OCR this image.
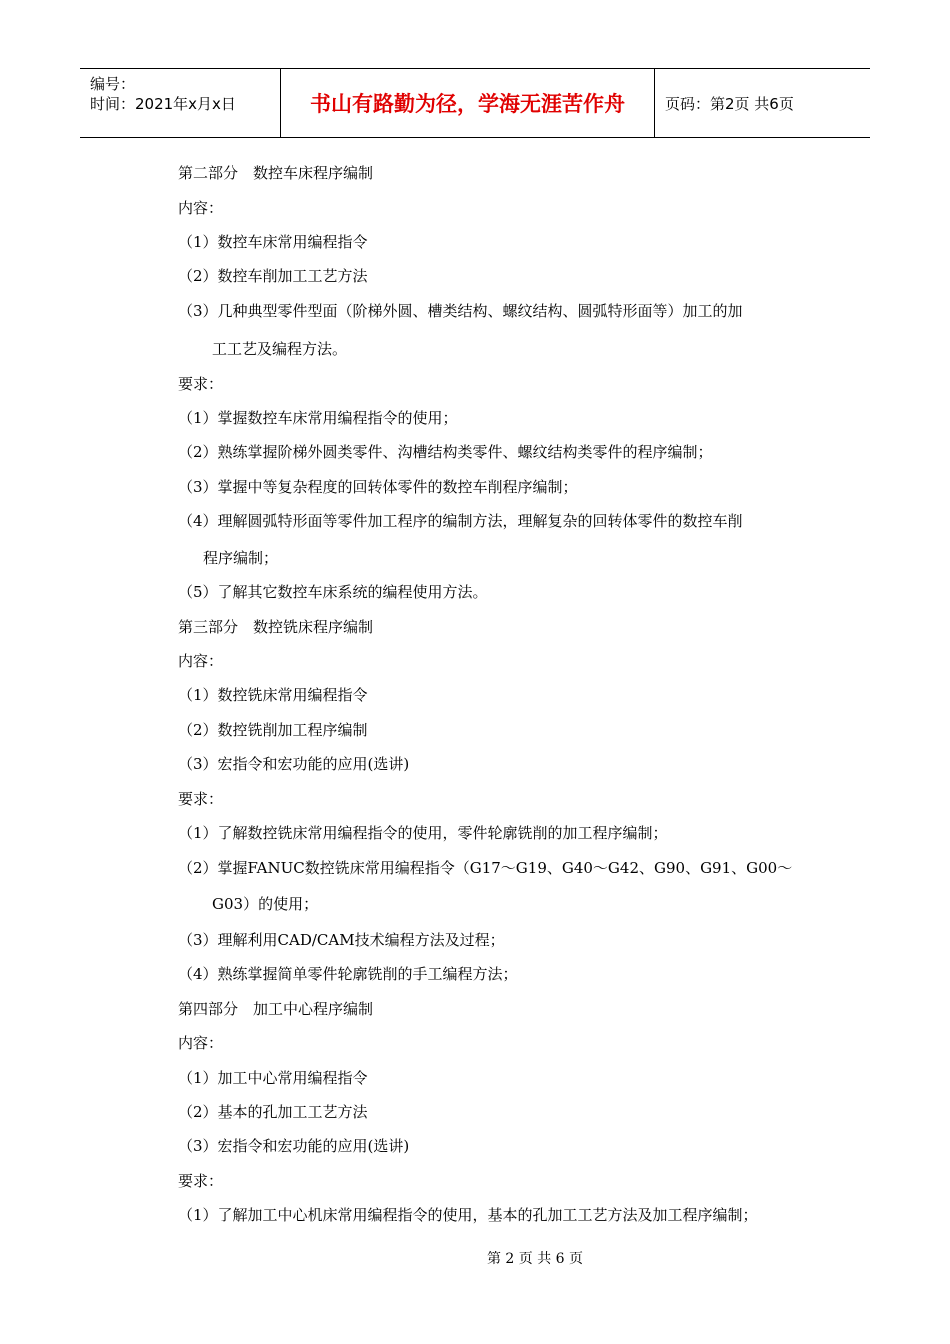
编号：
时间：2021年x月x日	书山有路勤为径，学海无涯苦作舟	页码：第2页 共6页
第二部分　数控车床程序编制
内容：
（1）数控车床常用编程指令
（2）数控车削加工工艺方法
（3）几种典型零件型面（阶梯外圆、槽类结构、螺纹结构、圆弧特形面等）加工的加
工工艺及编程方法。
要求：
（1）掌握数控车床常用编程指令的使用；
（2）熟练掌握阶梯外圆类零件、沟槽结构类零件、螺纹结构类零件的程序编制；
（3）掌握中等复杂程度的回转体零件的数控车削程序编制；
（4）理解圆弧特形面等零件加工程序的编制方法，理解复杂的回转体零件的数控车削
程序编制；
（5）了解其它数控车床系统的编程使用方法。
第三部分　数控铣床程序编制
内容：
（1）数控铣床常用编程指令
（2）数控铣削加工程序编制
（3）宏指令和宏功能的应用(选讲)
要求：
（1）了解数控铣床常用编程指令的使用，零件轮廓铣削的加工程序编制；
（2）掌握FANUC数控铣床常用编程指令（G17～G19、G40～G42、G90、G91、G00～
G03）的使用；
（3）理解利用CAD/CAM技术编程方法及过程；
（4）熟练掌握简单零件轮廓铣削的手工编程方法；
第四部分　加工中心程序编制
内容：
（1）加工中心常用编程指令
（2）基本的孔加工工艺方法
（3）宏指令和宏功能的应用(选讲)
要求：
（1）了解加工中心机床常用编程指令的使用，基本的孔加工工艺方法及加工程序编制；
第 2 页 共 6 页
